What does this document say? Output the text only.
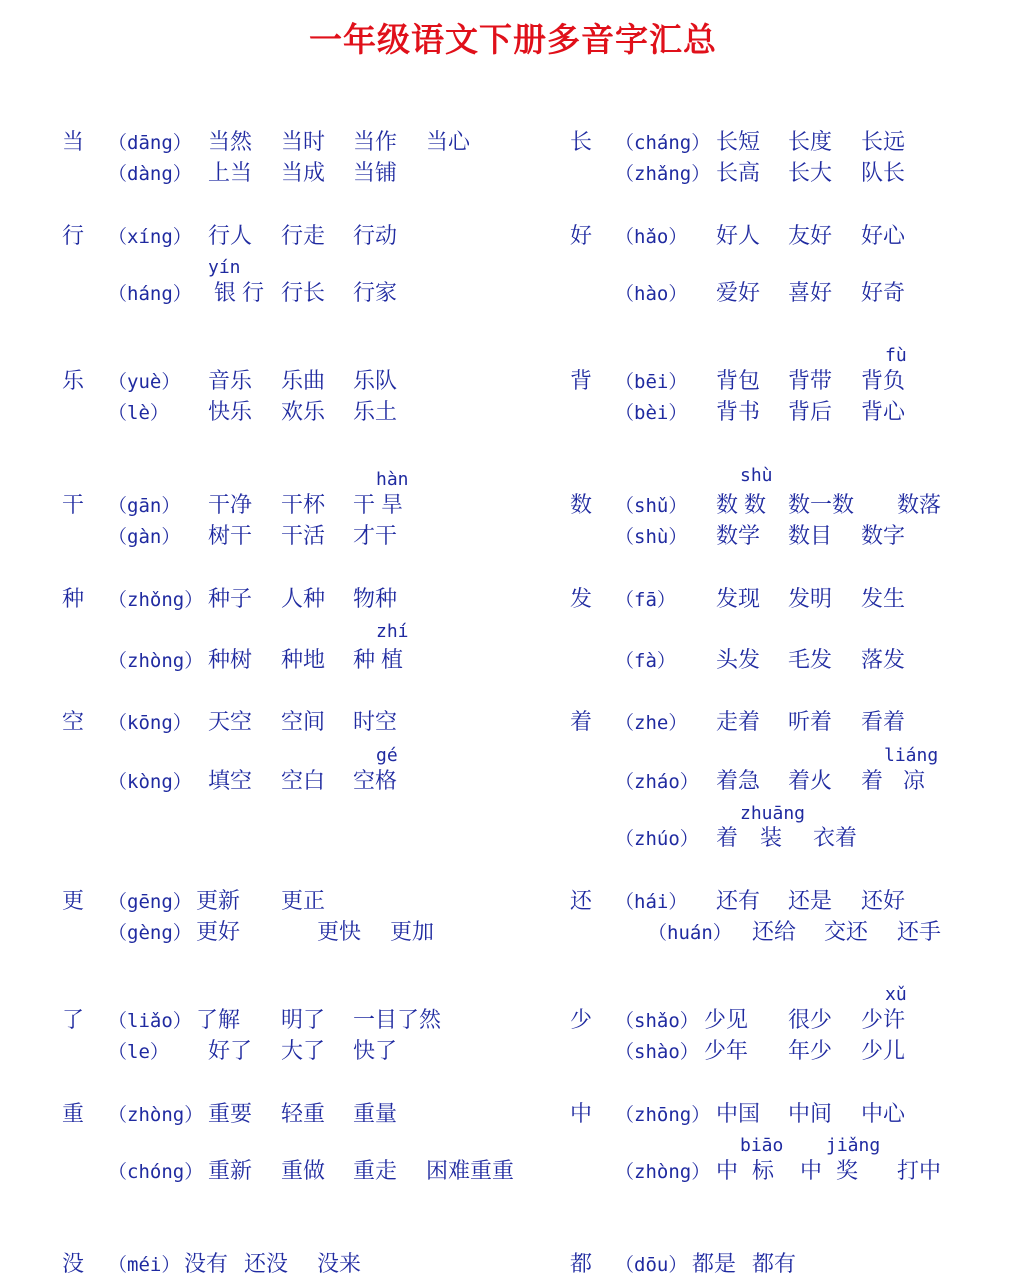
一年级语文下册多音字汇总
当 （dāng） 当然 当时 当作 当心
（dàng） 上当 当成 当铺
行 （xíng） 行人 行走 行动
yín
（háng） 银行 行长 行家
乐 （yuè） 音乐 乐曲 乐队
（lè） 快乐 欢乐 乐土
hàn
干 （gān） 干净 干杯 干旱
（gàn） 树干 干活 才干
种 （zhǒng） 种子 人种 物种
zhí
（zhòng） 种树 种地 种植
空 （kōng） 天空 空间 时空
gé
（kòng） 填空 空白 空格
更 （gēng） 更新 更正
（gèng） 更好	更快 更加
了 （liǎo） 了解 明了 一目了然
（le） 好了 大了 快了
重 （zhòng） 重要 轻重 重量
（chóng） 重新 重做 重走 困难重重
没 （méi） 没有 还没 没来
长 （cháng） 长短 长度 长远
（zhǎng） 长高 长大 队长
好 （hǎo） 好人 友好 好心
（hào） 爱好 喜好 好奇
fù
背 （bēi） 背包 背带 背负
（bèi） 背书 背后 背心
shù
数 （shǔ） 数数 数一数 数落
（shù） 数学 数目 数字
发 （fā） 发现 发明 发生
（fà） 头发 毛发 落发
着 （zhe） 走着 听着 看着
liáng
（zháo） 着急 着火 着凉
zhuāng
（zhúo） 着装 衣着
还 （hái） 还有 还是 还好
（huán） 还给 交还 还手
xǔ
少 （shǎo） 少见 很少 少许
（shào） 少年 年少 少儿
中 （zhōng） 中国 中间 中心
biāo jiǎng
（zhòng） 中标 中奖 打中
都 （dōu） 都是 都有
